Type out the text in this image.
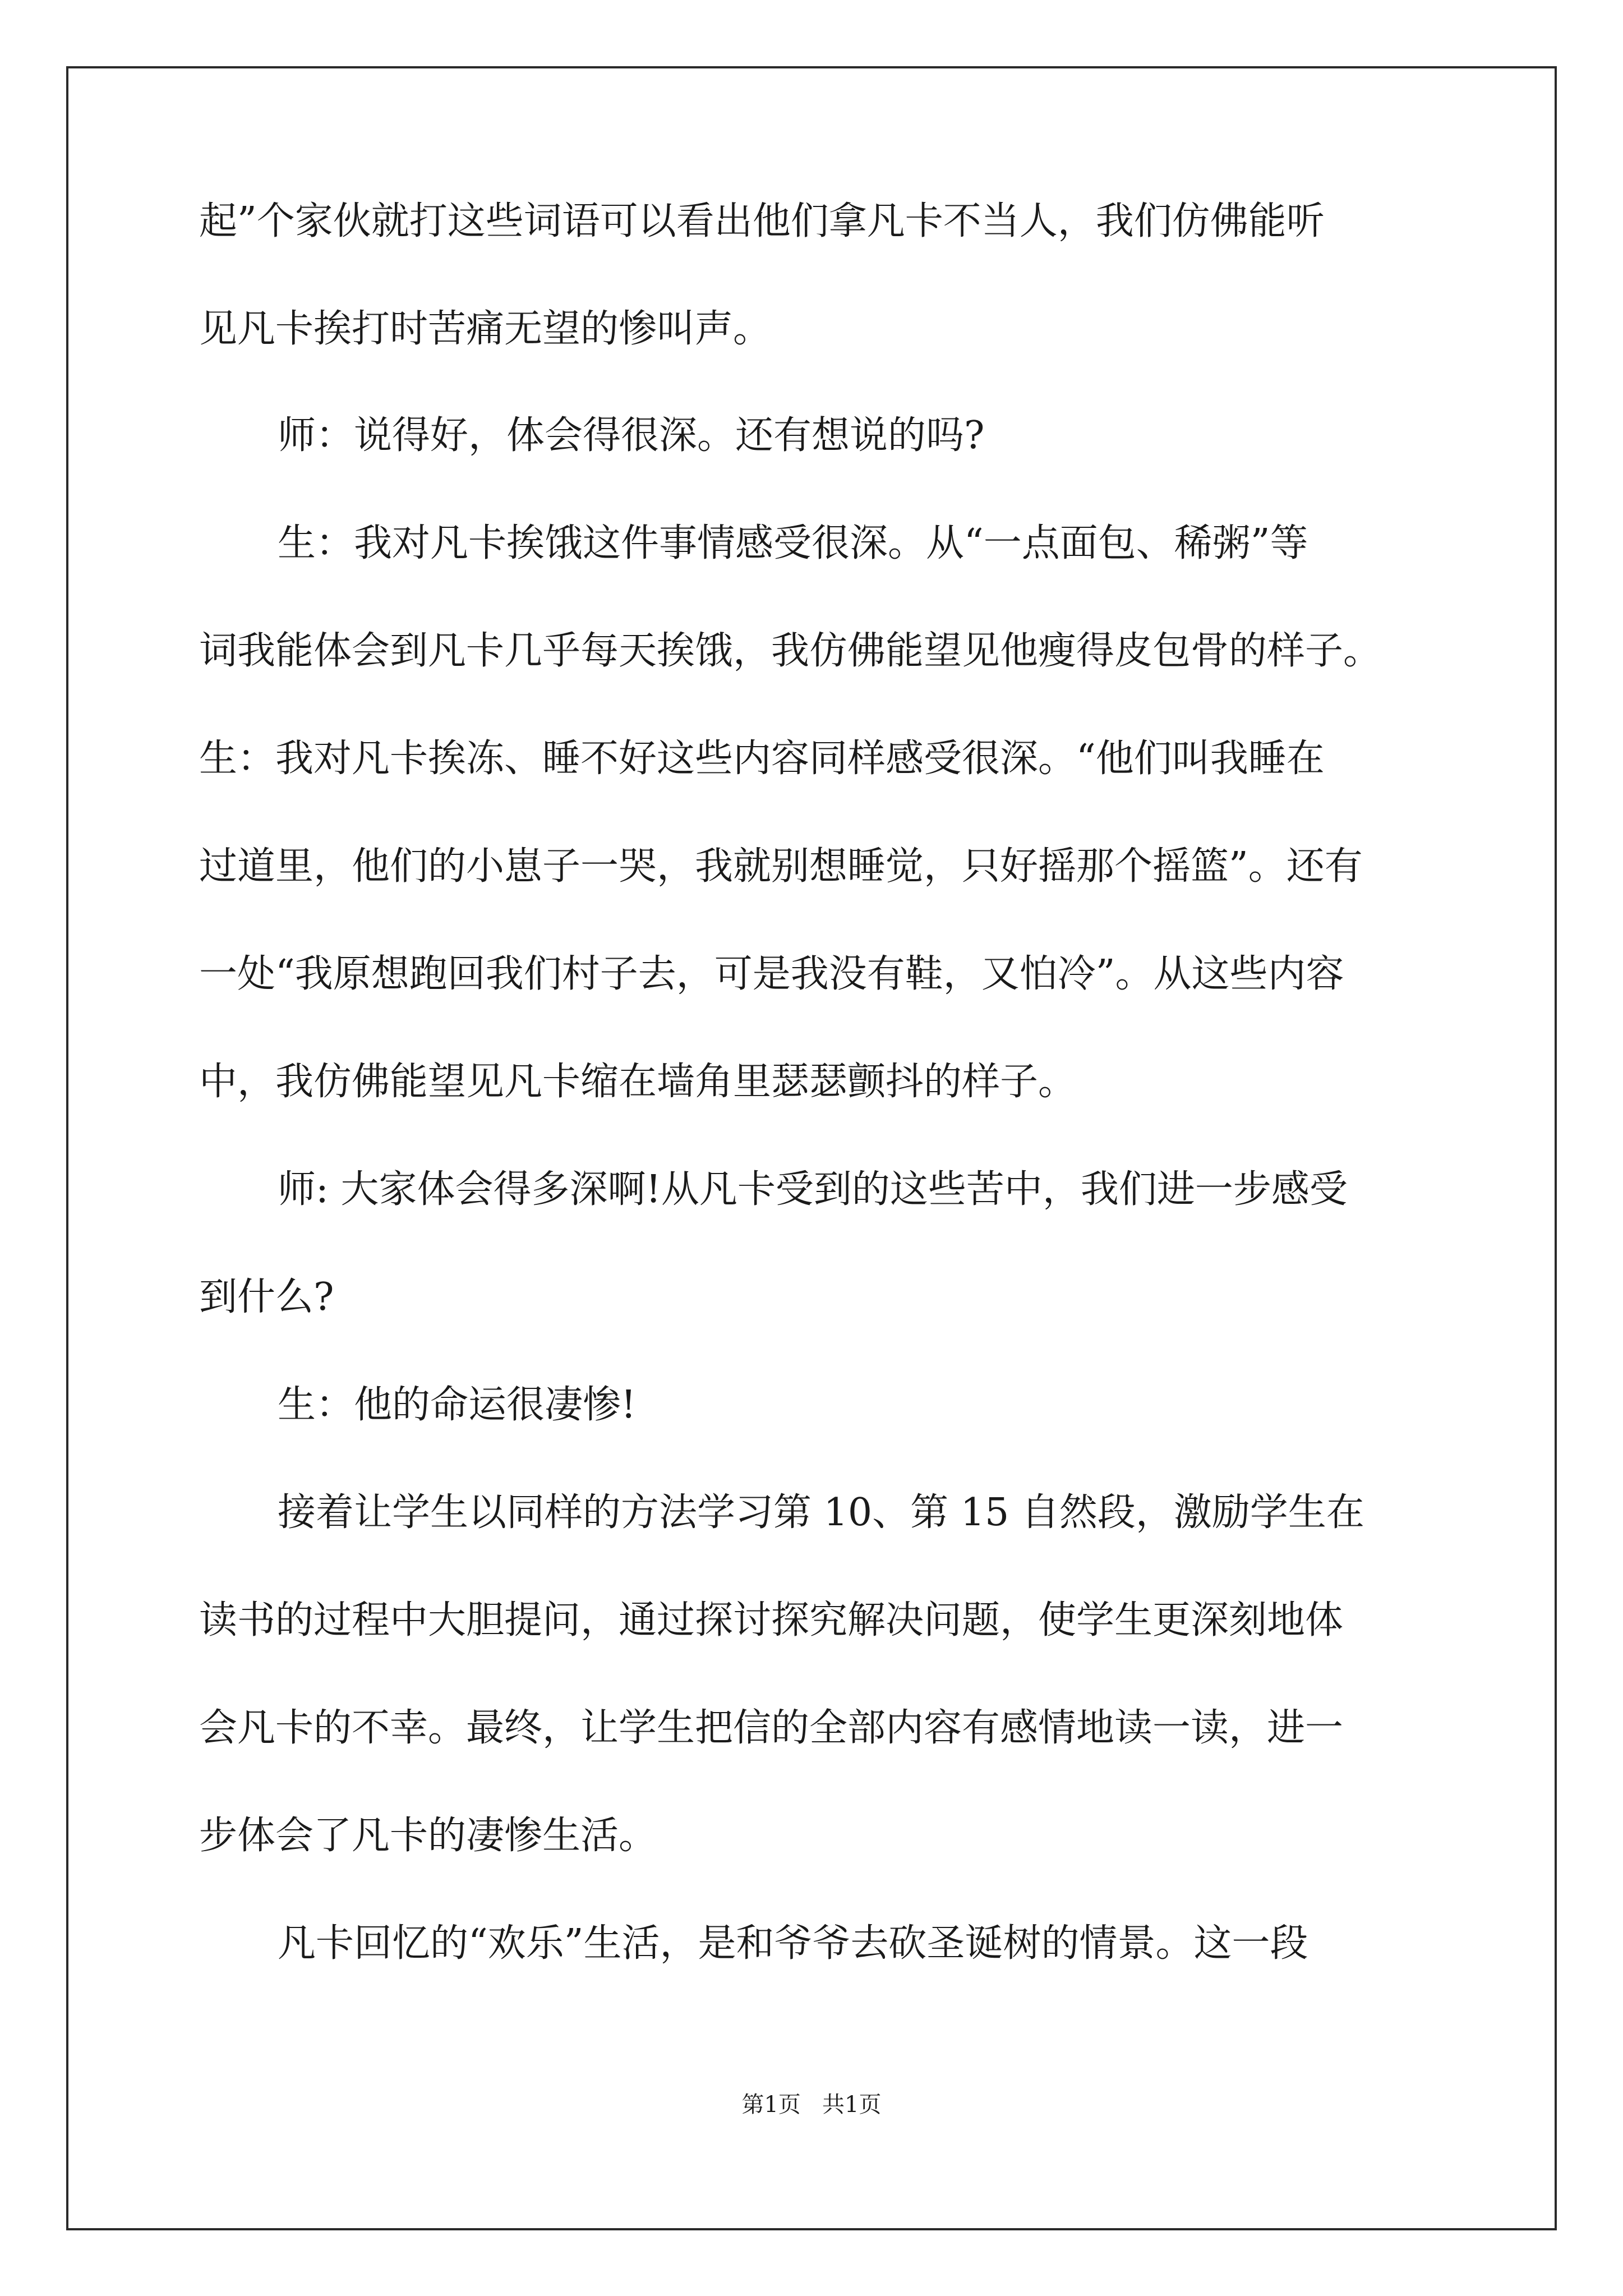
起”个家伙就打这些词语可以看出他们拿凡卡不当人，我们仿佛能听
见凡卡挨打时苦痛无望的惨叫声。
师：说得好，体会得很深。还有想说的吗?
生：我对凡卡挨饿这件事情感受很深。从“一点面包、稀粥”等
词我能体会到凡卡几乎每天挨饿，我仿佛能望见他瘦得皮包骨的样子。
生：我对凡卡挨冻、睡不好这些内容同样感受很深。“他们叫我睡在
过道里，他们的小崽子一哭，我就别想睡觉，只好摇那个摇篮”。还有
一处“我原想跑回我们村子去，可是我没有鞋，又怕冷”。从这些内容
中，我仿佛能望见凡卡缩在墙角里瑟瑟颤抖的样子。
师: 大家体会得多深啊!从凡卡受到的这些苦中，我们进一步感受
到什么?
生：他的命运很凄惨!
接着让学生以同样的方法学习第 10、第 15 自然段，激励学生在
读书的过程中大胆提问，通过探讨探究解决问题，使学生更深刻地体
会凡卡的不幸。最终，让学生把信的全部内容有感情地读一读，进一
步体会了凡卡的凄惨生活。
凡卡回忆的“欢乐”生活，是和爷爷去砍圣诞树的情景。这一段
第1页   共1页
